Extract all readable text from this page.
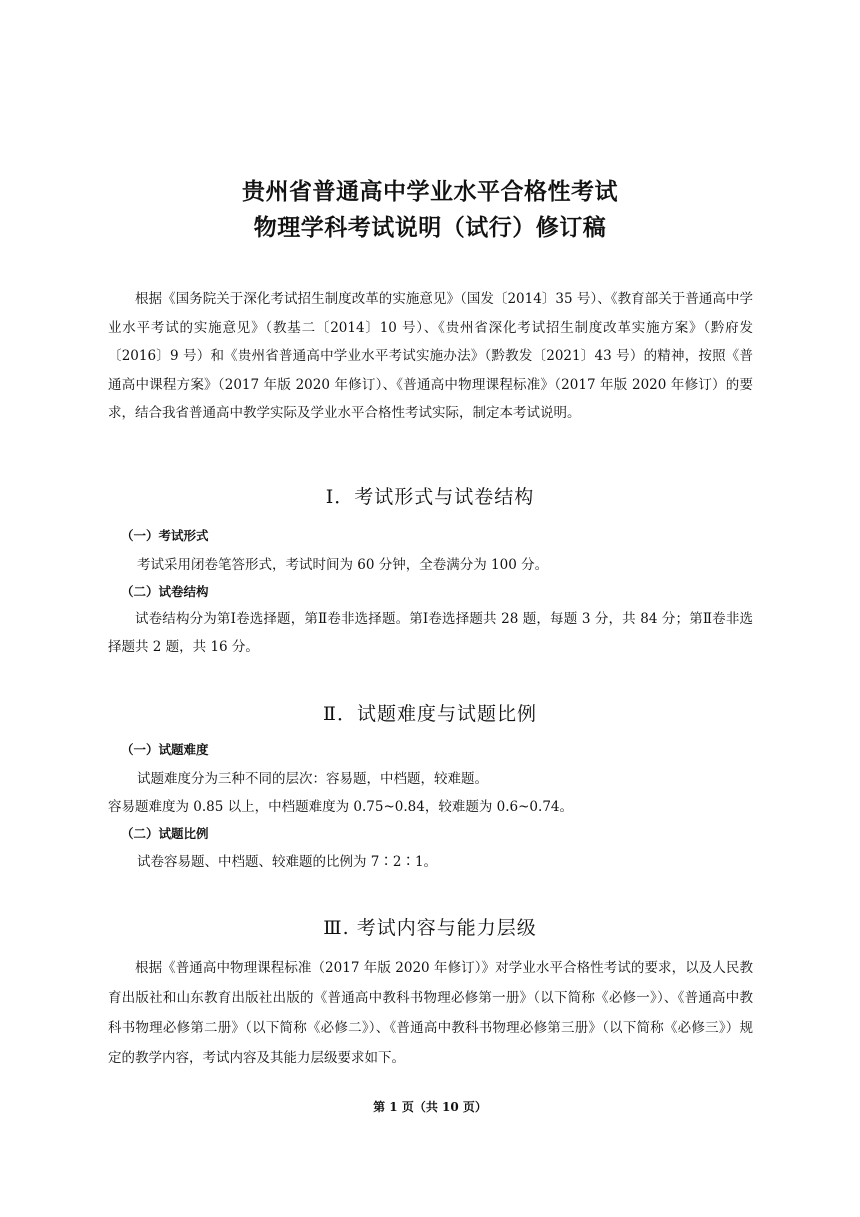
贵州省普通高中学业水平合格性考试
物理学科考试说明（试行）修订稿
根据《国务院关于深化考试招生制度改革的实施意见》（国发〔2014〕35 号）、《教育部关于普通高中学业水平考试的实施意见》（教基二〔2014〕10 号）、《贵州省深化考试招生制度改革实施方案》（黔府发〔2016〕9 号）和《贵州省普通高中学业水平考试实施办法》（黔教发〔2021〕43 号）的精神，按照《普通高中课程方案》（2017 年版 2020 年修订）、《普通高中物理课程标准》（2017 年版 2020 年修订）的要求，结合我省普通高中教学实际及学业水平合格性考试实际，制定本考试说明。
Ⅰ．考试形式与试卷结构
（一）考试形式
考试采用闭卷笔答形式，考试时间为 60 分钟，全卷满分为 100 分。
（二）试卷结构
试卷结构分为第Ⅰ卷选择题，第Ⅱ卷非选择题。第Ⅰ卷选择题共 28 题，每题 3 分，共 84 分；第Ⅱ卷非选择题共 2 题，共 16 分。
Ⅱ．试题难度与试题比例
（一）试题难度
试题难度分为三种不同的层次：容易题，中档题，较难题。
容易题难度为 0.85 以上，中档题难度为 0.75~0.84，较难题为 0.6~0.74。
（二）试题比例
试卷容易题、中档题、较难题的比例为 7∶2∶1。
Ⅲ. 考试内容与能力层级
根据《普通高中物理课程标准（2017 年版 2020 年修订）》对学业水平合格性考试的要求，以及人民教育出版社和山东教育出版社出版的《普通高中教科书物理必修第一册》（以下简称《必修一》）、《普通高中教科书物理必修第二册》（以下简称《必修二》）、《普通高中教科书物理必修第三册》（以下简称《必修三》）规定的教学内容，考试内容及其能力层级要求如下。
第 1 页（共 10 页）
